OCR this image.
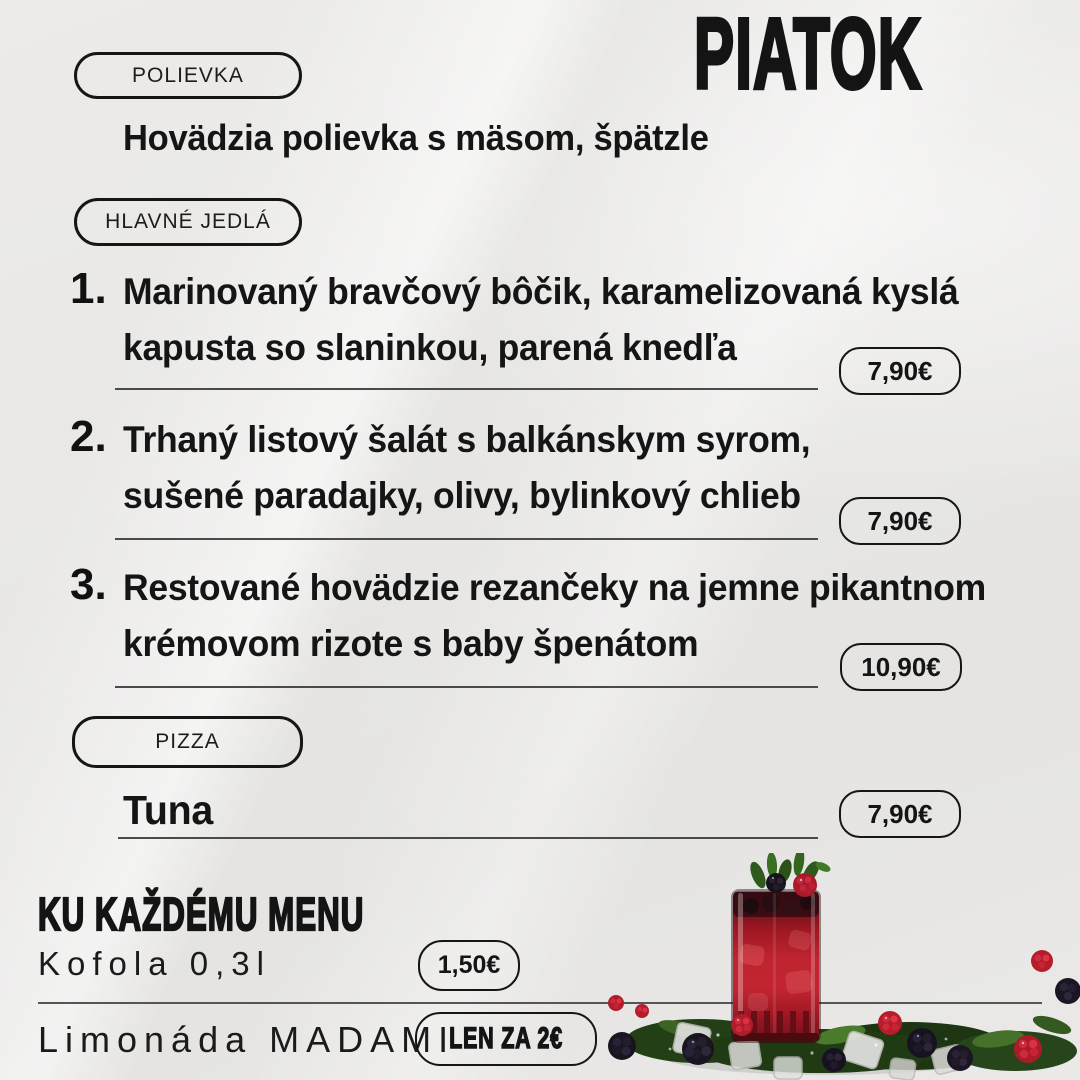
POLIEVKA	PIATOK
Hovädzia polievka s mäsom, špätzle
HLAVNÉ JEDLÁ
1. Marinovaný bravčový bôčik, karamelizovaná kyslá
kapusta so slaninkou, parená knedľa
7,90€
2. Trhaný listový šalát s balkánskym syrom,
sušené paradajky, olivy, bylinkový chlieb
7,90€
3. Restované hovädzie rezančeky na jemne pikantnom
krémovom rizote s baby špenátom
10,90€
PIZZA
Tuna	7,90€
KU KAŽDÉMU MENU
Kofola 0,3l	1,50€
Limonáda MADAMI
LEN ZA 2€
